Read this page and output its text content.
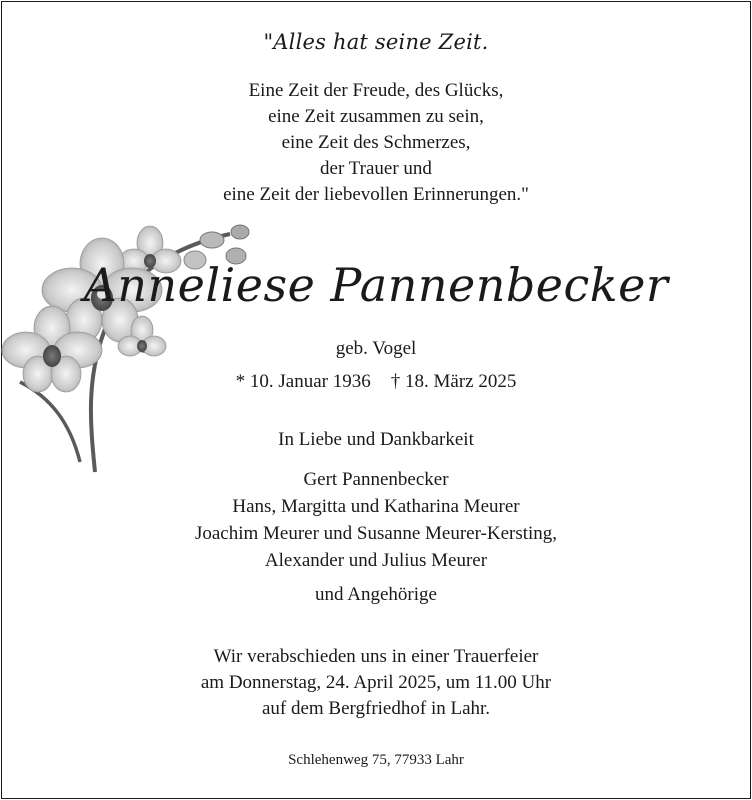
"Alles hat seine Zeit.
Eine Zeit der Freude, des Glücks,
eine Zeit zusammen zu sein,
eine Zeit des Schmerzes,
der Trauer und
eine Zeit der liebevollen Erinnerungen."
Anneliese Pannenbecker
geb. Vogel
* 10. Januar 1936 † 18. März 2025
In Liebe und Dankbarkeit
Gert Pannenbecker
Hans, Margitta und Katharina Meurer
Joachim Meurer und Susanne Meurer-Kersting,
Alexander und Julius Meurer
und Angehörige
Wir verabschieden uns in einer Trauerfeier
am Donnerstag, 24. April 2025, um 11.00 Uhr
auf dem Bergfriedhof in Lahr.
Schlehenweg 75, 77933 Lahr
